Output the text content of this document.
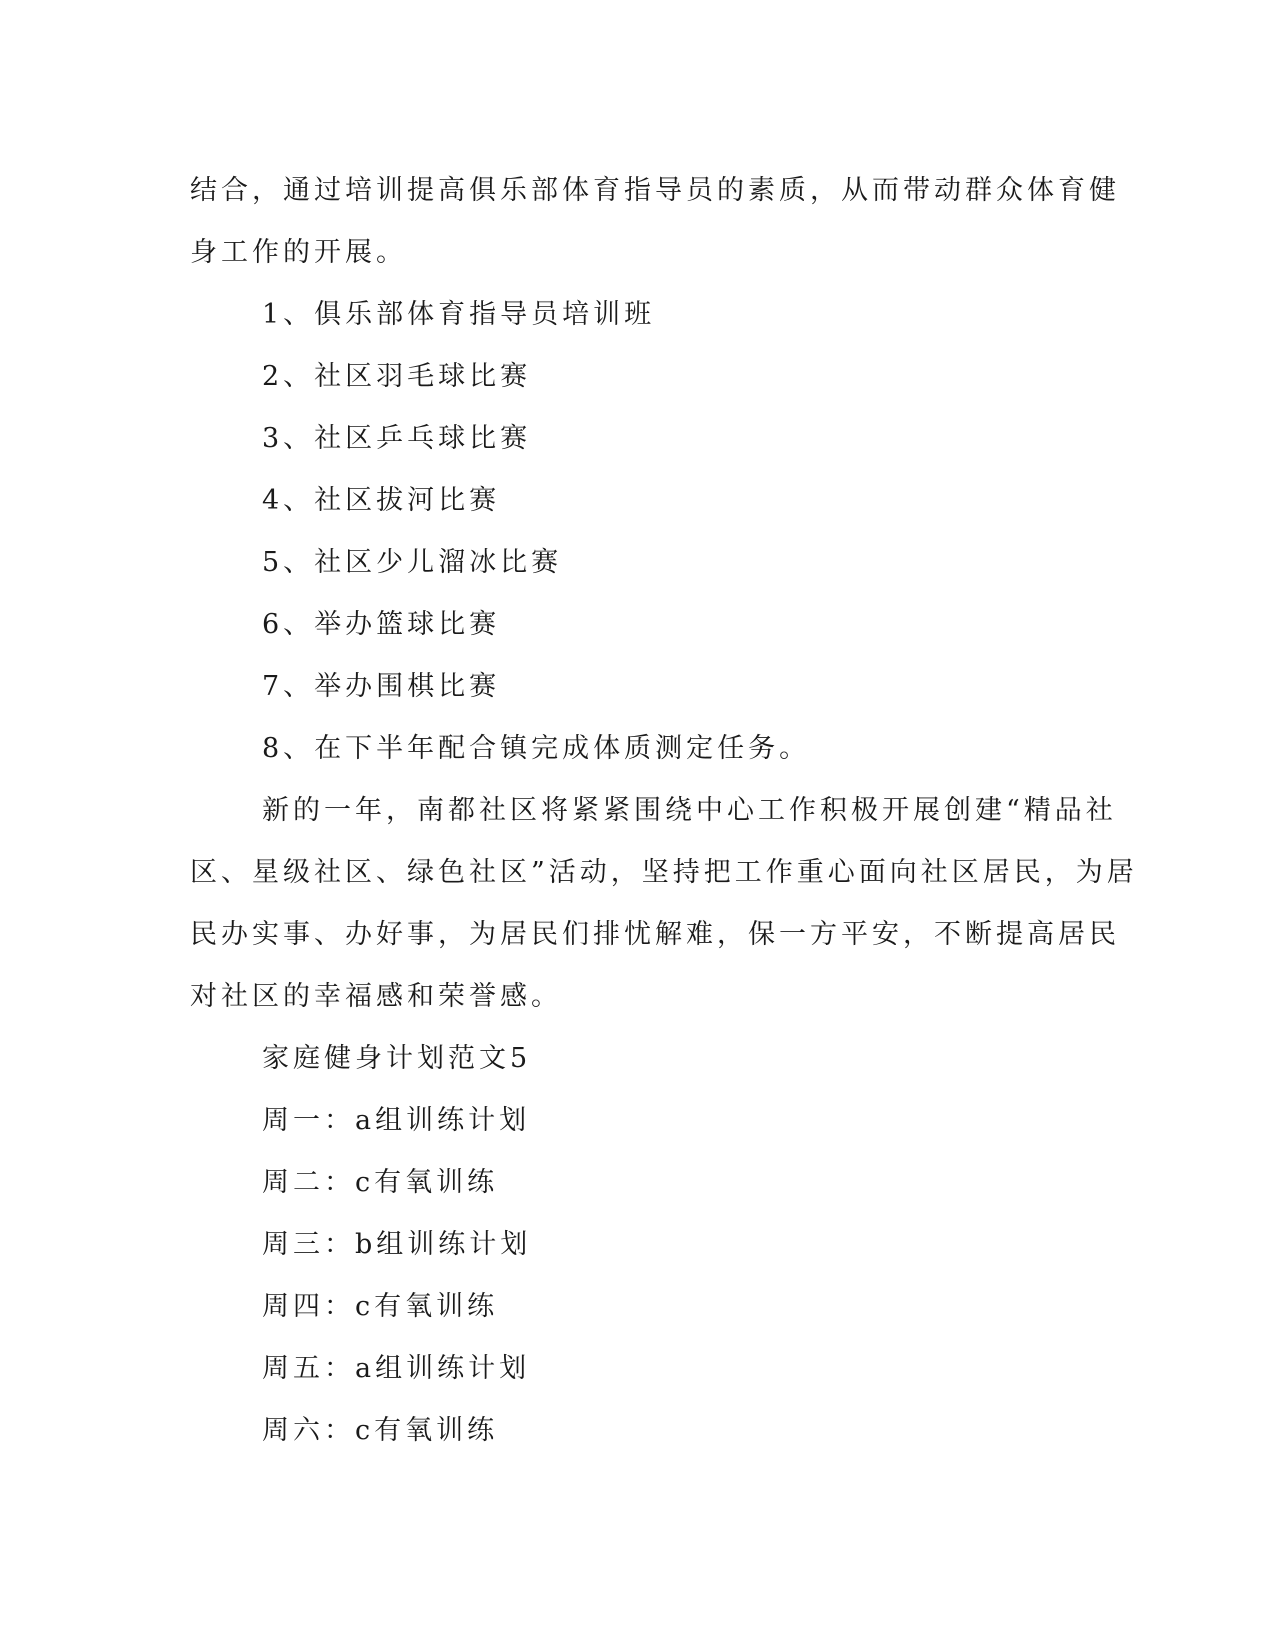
结合，通过培训提高俱乐部体育指导员的素质，从而带动群众体育健
身工作的开展。
1、俱乐部体育指导员培训班
2、社区羽毛球比赛
3、社区乒乓球比赛
4、社区拔河比赛
5、社区少儿溜冰比赛
6、举办篮球比赛
7、举办围棋比赛
8、在下半年配合镇完成体质测定任务。
新的一年，南都社区将紧紧围绕中心工作积极开展创建“精品社
区、星级社区、绿色社区”活动，坚持把工作重心面向社区居民，为居
民办实事、办好事，为居民们排忧解难，保一方平安，不断提高居民
对社区的幸福感和荣誉感。
家庭健身计划范文5
周一：a组训练计划
周二：c有氧训练
周三：b组训练计划
周四：c有氧训练
周五：a组训练计划
周六：c有氧训练
